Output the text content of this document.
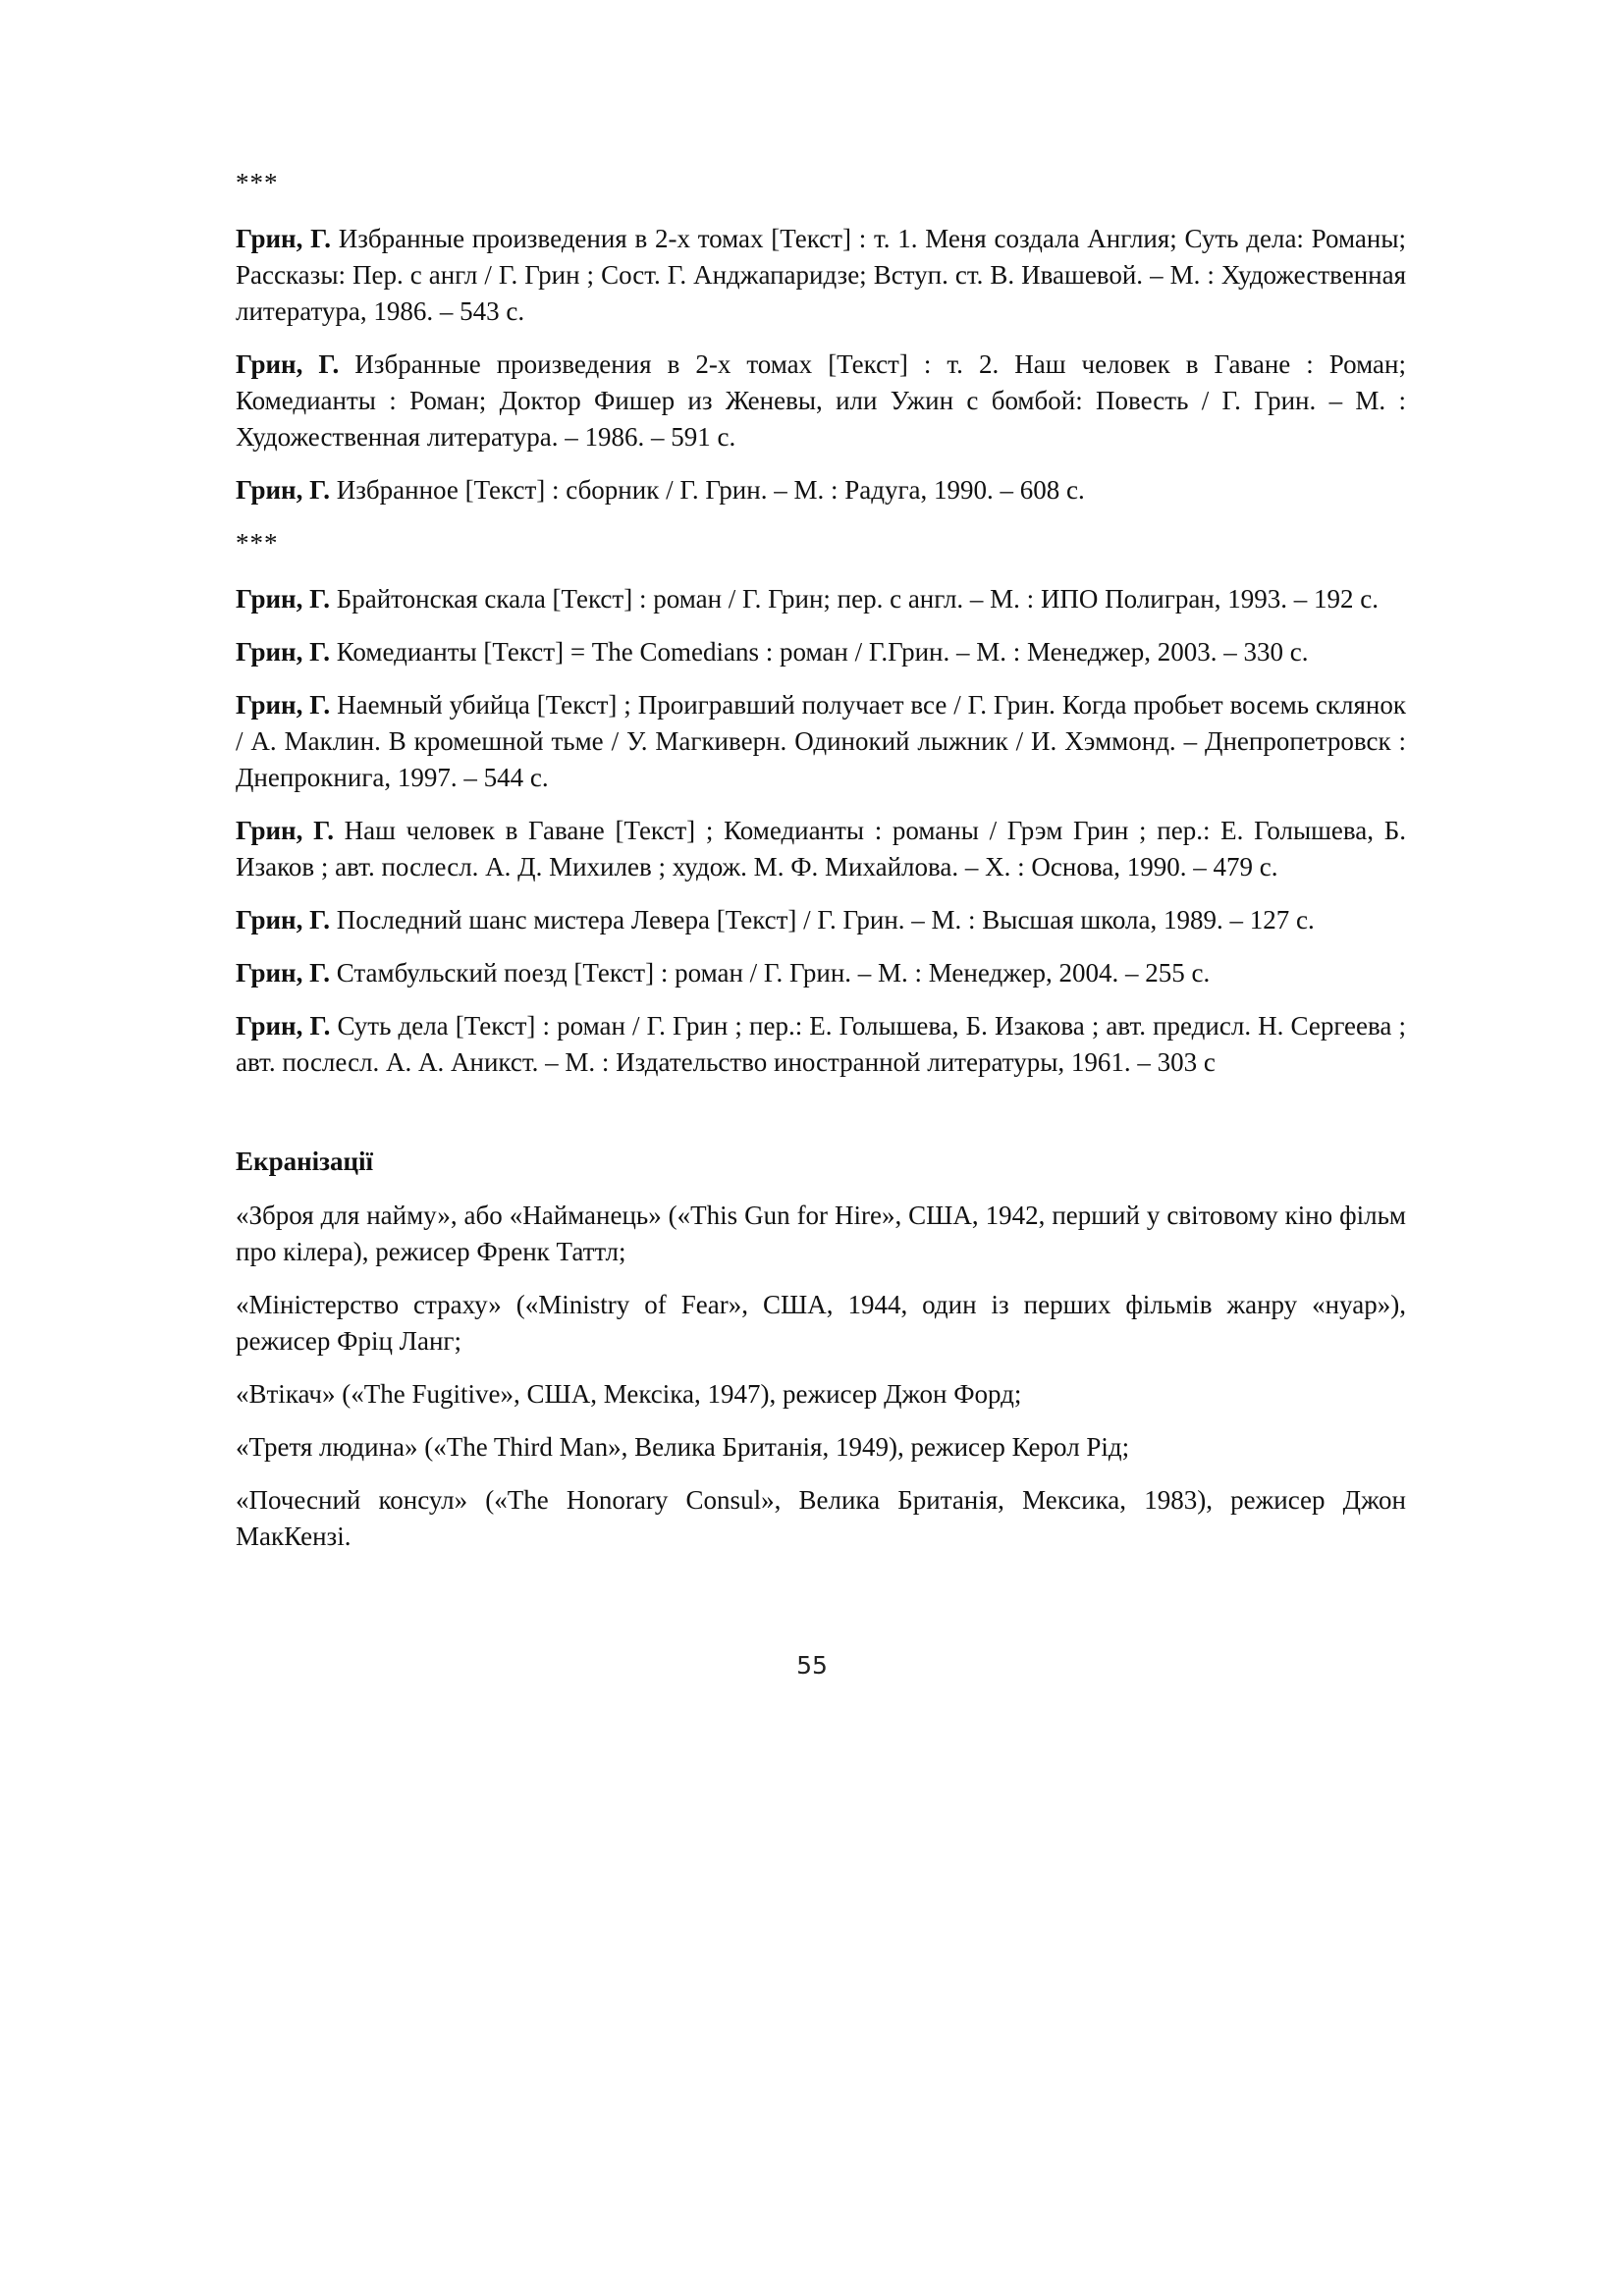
***

Грин, Г. Избранные произведения в 2-х томах [Текст] : т. 1. Меня создала Англия; Суть дела: Романы; Рассказы: Пер. с англ / Г. Грин ; Сост. Г. Анджапаридзе; Вступ. ст. В. Ивашевой. – М. : Художественная литература, 1986. – 543 с.

Грин, Г. Избранные произведения в 2-х томах [Текст] : т. 2. Наш человек в Гаване : Роман; Комедианты : Роман; Доктор Фишер из Женевы, или Ужин с бомбой: Повесть / Г. Грин. – М. : Художественная литература. – 1986. – 591 с.

Грин, Г. Избранное [Текст] : сборник / Г. Грин. – М. : Радуга, 1990. – 608 с.

***

Грин, Г. Брайтонская скала [Текст] : роман / Г. Грин; пер. с англ. – М. : ИПО Полигран, 1993. – 192 с.

Грин, Г. Комедианты [Текст] = The Comedians : роман / Г.Грин. – М. : Менеджер, 2003. – 330 с.

Грин, Г. Наемный убийца [Текст] ; Проигравший получает все / Г. Грин. Когда пробьет восемь склянок / А. Маклин. В кромешной тьме / У. Магкиверн. Одинокий лыжник / И. Хэммонд. – Днепропетровск : Днепрокнига, 1997. – 544 с.

Грин, Г. Наш человек в Гаване [Текст] ; Комедианты : романы / Грэм Грин ; пер.: Е. Голышева, Б. Изаков ; авт. послесл. А. Д. Михилев ; худож. М. Ф. Михайлова. – Х. : Основа, 1990. – 479 с.

Грин, Г. Последний шанс мистера Левера [Текст] / Г. Грин. – М. : Высшая школа, 1989. – 127 с.

Грин, Г. Стамбульский поезд [Текст] : роман / Г. Грин. – М. : Менеджер, 2004. – 255 с.

Грин, Г. Суть дела [Текст] : роман / Г. Грин ; пер.: Е. Голышева, Б. Изакова ; авт. предисл. Н. Сергеева ; авт. послесл. А. А. Аникст. – М. : Издательство иностранной литературы, 1961. – 303 с

Екранізації

«Зброя для найму», або «Найманець» («This Gun for Hire», США, 1942, перший у світовому кіно фільм про кілера), режисер Френк Таттл;

«Міністерство страху» («Ministry of Fear», США, 1944, один із перших фільмів жанру «нуар»), режисер Фріц Ланг;

«Втікач» («The Fugitive», США, Мексіка, 1947), режисер Джон Форд;

«Третя людина» («The Third Man», Велика Британія, 1949), режисер Керол Рід;

«Почесний консул» («The Honorary Consul», Велика Британія, Мексика, 1983), режисер Джон МакКензі.

55
